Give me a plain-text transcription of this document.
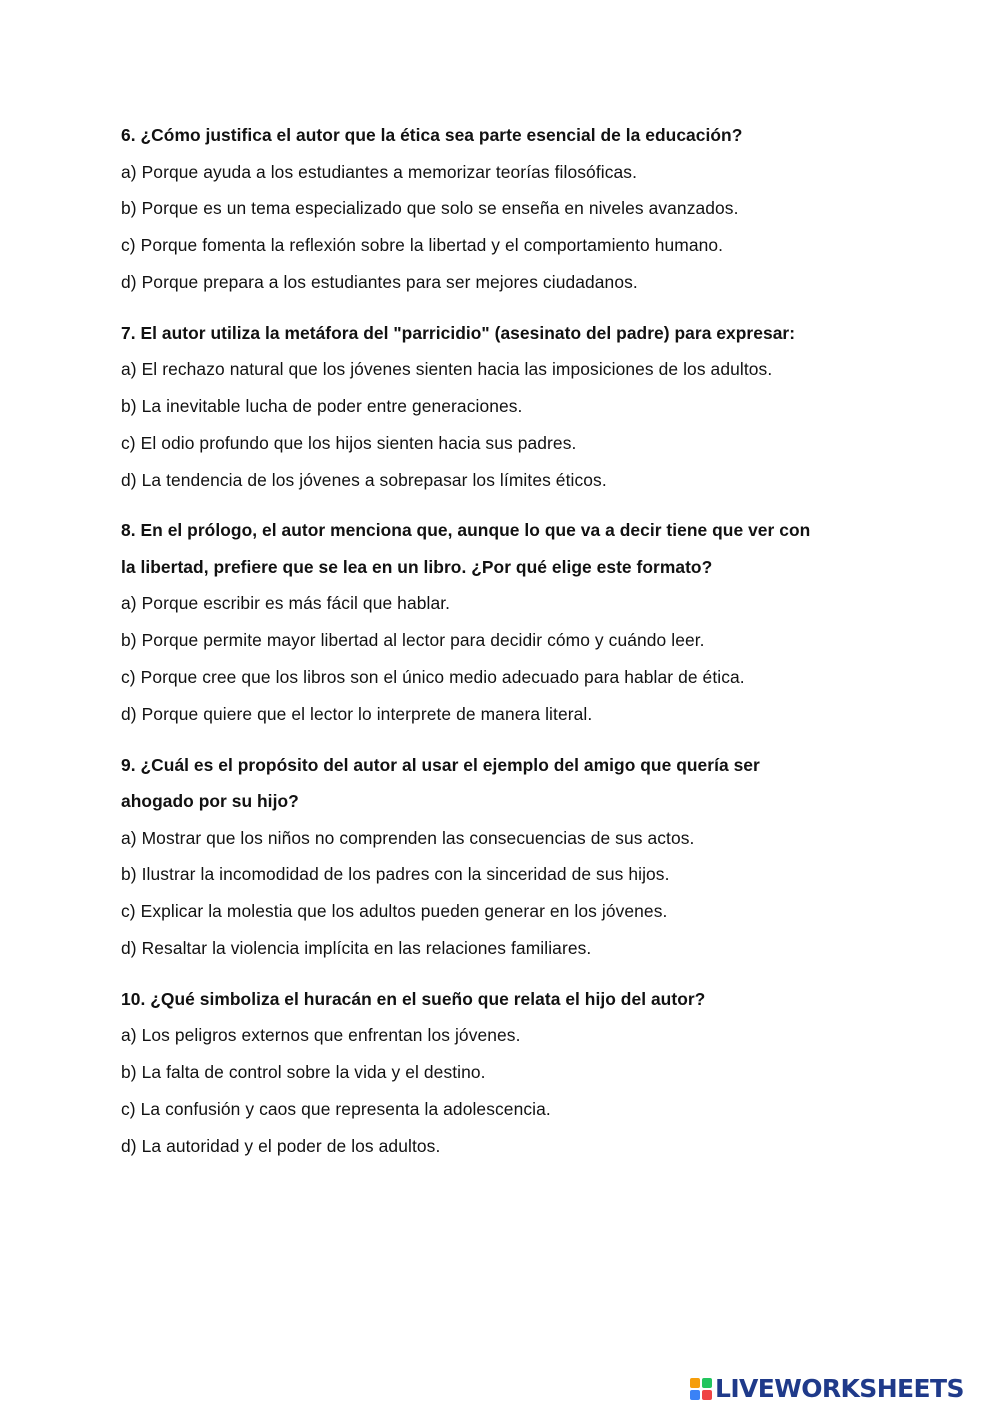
6. ¿Cómo justifica el autor que la ética sea parte esencial de la educación?

a) Porque ayuda a los estudiantes a memorizar teorías filosóficas.

b) Porque es un tema especializado que solo se enseña en niveles avanzados.

c) Porque fomenta la reflexión sobre la libertad y el comportamiento humano.

d) Porque prepara a los estudiantes para ser mejores ciudadanos.

7. El autor utiliza la metáfora del "parricidio" (asesinato del padre) para expresar:

a) El rechazo natural que los jóvenes sienten hacia las imposiciones de los adultos.

b) La inevitable lucha de poder entre generaciones.

c) El odio profundo que los hijos sienten hacia sus padres.

d) La tendencia de los jóvenes a sobrepasar los límites éticos.

8. En el prólogo, el autor menciona que, aunque lo que va a decir tiene que ver con

la libertad, prefiere que se lea en un libro. ¿Por qué elige este formato?

a) Porque escribir es más fácil que hablar.

b) Porque permite mayor libertad al lector para decidir cómo y cuándo leer.

c) Porque cree que los libros son el único medio adecuado para hablar de ética.

d) Porque quiere que el lector lo interprete de manera literal.

9. ¿Cuál es el propósito del autor al usar el ejemplo del amigo que quería ser

ahogado por su hijo?

a) Mostrar que los niños no comprenden las consecuencias de sus actos.

b) Ilustrar la incomodidad de los padres con la sinceridad de sus hijos.

c) Explicar la molestia que los adultos pueden generar en los jóvenes.

d) Resaltar la violencia implícita en las relaciones familiares.

10. ¿Qué simboliza el huracán en el sueño que relata el hijo del autor?

a) Los peligros externos que enfrentan los jóvenes.

b) La falta de control sobre la vida y el destino.

c) La confusión y caos que representa la adolescencia.

d) La autoridad y el poder de los adultos.

LIVEWORKSHEETS
